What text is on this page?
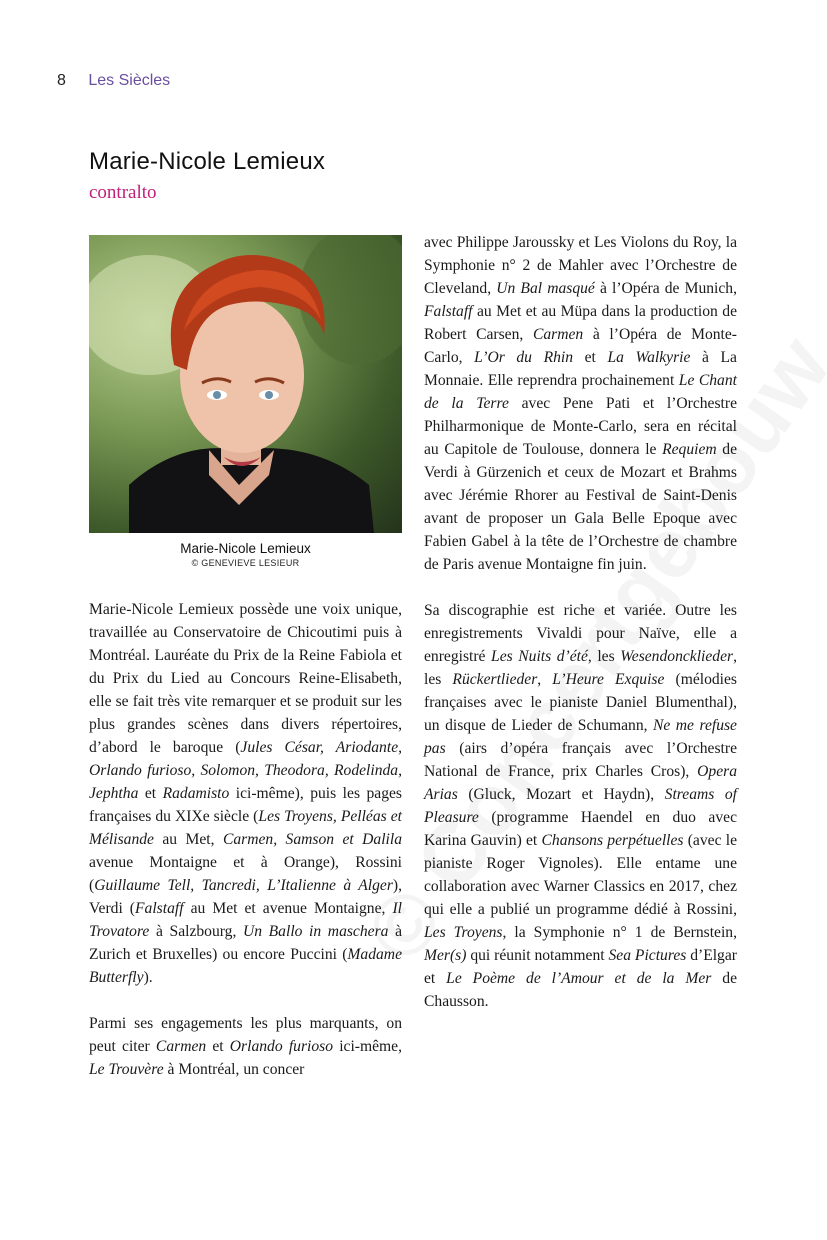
8 Les Siècles
Marie-Nicole Lemieux
contralto
Marie-Nicole Lemieux
© GENEVIEVE LESIEUR

Marie-Nicole Lemieux possède une voix unique, travaillée au Conservatoire de Chicoutimi puis à Montréal. Lauréate du Prix de la Reine Fabiola et du Prix du Lied au Concours Reine-Elisabeth, elle se fait très vite remarquer et se produit sur les plus grandes scènes dans divers répertoires, d’abord le baroque (Jules César, Ariodante, Orlando furioso, Solomon, Theodora, Rodelinda, Jephtha et Radamisto ici-même), puis les pages françaises du XIXe siècle (Les Troyens, Pelléas et Mélisande au Met, Carmen, Samson et Dalila avenue Montaigne et à Orange), Rossini (Guillaume Tell, Tancredi, L’Italienne à Alger), Verdi (Falstaff au Met et avenue Montaigne, Il Trovatore à Salzbourg, Un Ballo in maschera à Zurich et Bruxelles) ou encore Puccini (Madame Butterfly).

Parmi ses engagements les plus marquants, on peut citer Carmen et Orlando furioso ici-même, Le Trouvère à Montréal, un concer

avec Philippe Jaroussky et Les Violons du Roy, la Symphonie n° 2 de Mahler avec l’Orchestre de Cleveland, Un Bal masqué à l’Opéra de Munich, Falstaff au Met et au Müpa dans la production de Robert Carsen, Carmen à l’Opéra de Monte-Carlo, L’Or du Rhin et La Walkyrie à La Monnaie. Elle reprendra prochainement Le Chant de la Terre avec Pene Pati et l’Orchestre Philharmonique de Monte-Carlo, sera en récital au Capitole de Toulouse, donnera le Requiem de Verdi à Gürzenich et ceux de Mozart et Brahms avec Jérémie Rhorer au Festival de Saint-Denis avant de proposer un Gala Belle Epoque avec Fabien Gabel à la tête de l’Orchestre de chambre de Paris avenue Montaigne fin juin.

Sa discographie est riche et variée. Outre les enregistrements Vivaldi pour Naïve, elle a enregistré Les Nuits d’été, les Wesendoncklieder, les Rückertlieder, L’Heure Exquise (mélodies françaises avec le pianiste Daniel Blumenthal), un disque de Lieder de Schumann, Ne me refuse pas (airs d’opéra français avec l’Orchestre National de France, prix Charles Cros), Opera Arias (Gluck, Mozart et Haydn), Streams of Pleasure (programme Haendel en duo avec Karina Gauvin) et Chansons perpétuelles (avec le pianiste Roger Vignoles). Elle entame une collaboration avec Warner Classics en 2017, chez qui elle a publié un programme dédié à Rossini, Les Troyens, la Symphonie n° 1 de Bernstein, Mer(s) qui réunit notamment Sea Pictures d’Elgar et Le Poème de l’Amour et de la Mer de Chausson.
